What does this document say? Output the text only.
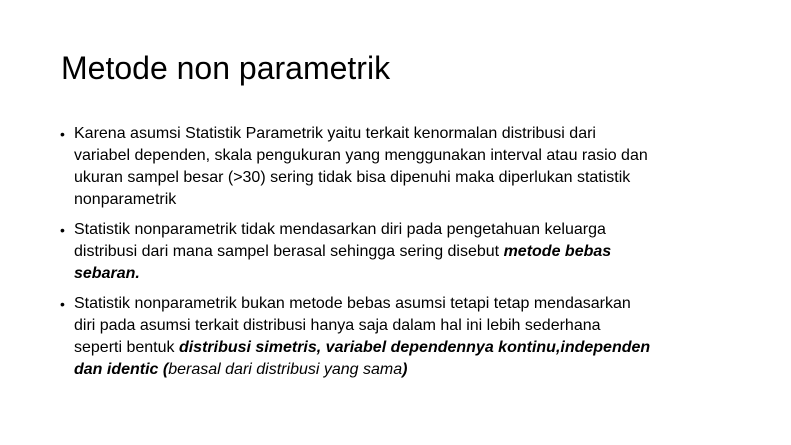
Metode non parametrik
• Karena asumsi Statistik Parametrik yaitu terkait kenormalan distribusi dari
variabel dependen, skala pengukuran yang menggunakan interval atau rasio dan
ukuran sampel besar (>30) sering tidak bisa dipenuhi maka diperlukan statistik
nonparametrik
• Statistik nonparametrik tidak mendasarkan diri pada pengetahuan keluarga
distribusi dari mana sampel berasal sehingga sering disebut metode bebas
sebaran.
• Statistik nonparametrik bukan metode bebas asumsi tetapi tetap mendasarkan
diri pada asumsi terkait distribusi hanya saja dalam hal ini lebih sederhana
seperti bentuk distribusi simetris, variabel dependennya kontinu,independen
dan identic (berasal dari distribusi yang sama)
